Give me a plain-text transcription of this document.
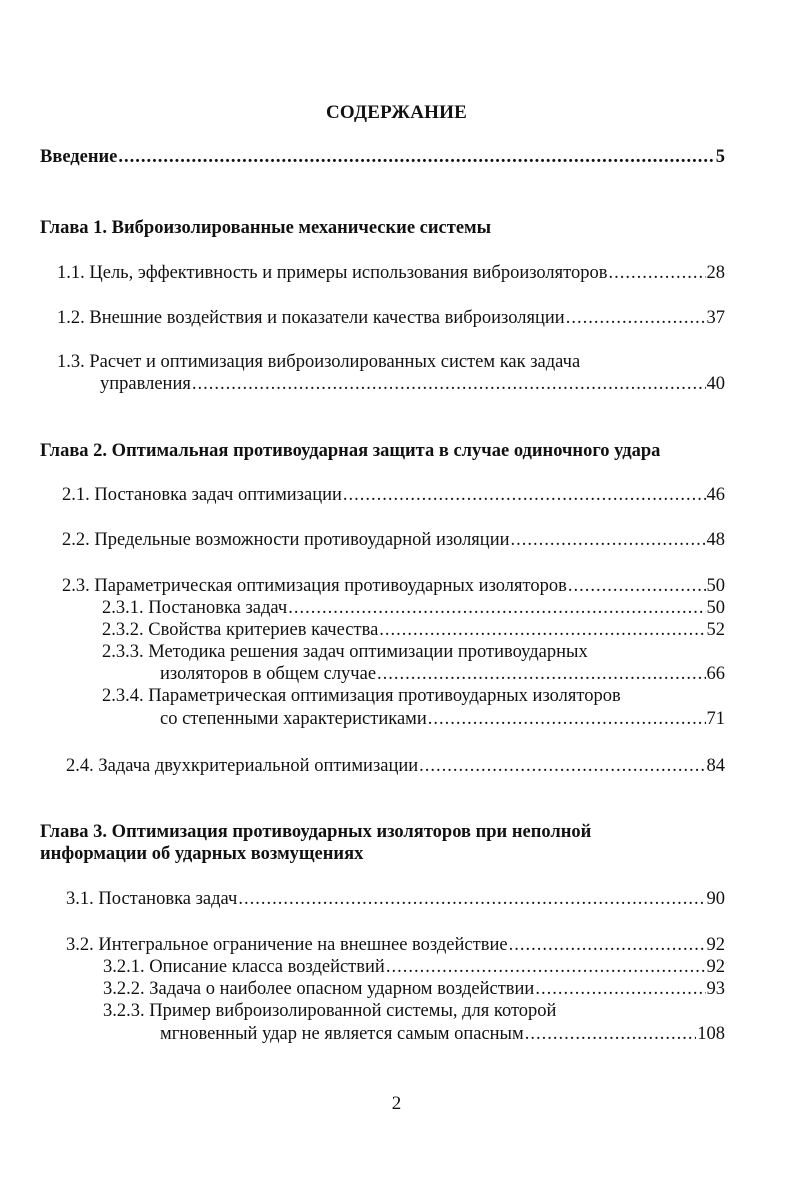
СОДЕРЖАНИЕ
Введение .....	5
Глава 1. Виброизолированные механические системы
1.1. Цель, эффективность и примеры использования виброизоляторов .....	28
1.2. Внешние воздействия и показатели качества виброизоляции .....	37
1.3. Расчет и оптимизация виброизолированных систем как задача
управления .....	40
Глава 2. Оптимальная противоударная защита в случае одиночного удара
2.1. Постановка задач оптимизации .....	46
2.2. Предельные возможности противоударной изоляции .....	48
2.3. Параметрическая оптимизация противоударных изоляторов .....	50
2.3.1. Постановка задач .....	50
2.3.2. Свойства критериев качества .....	52
2.3.3. Методика решения задач оптимизации противоударных
изоляторов в общем случае .....	66
2.3.4. Параметрическая оптимизация противоударных изоляторов
со степенными характеристиками .....	71
2.4. Задача двухкритериальной оптимизации .....	84
Глава 3. Оптимизация противоударных изоляторов при неполной
информации об ударных возмущениях
3.1. Постановка задач .....	90
3.2. Интегральное ограничение на внешнее воздействие .....	92
3.2.1. Описание класса воздействий .....	92
3.2.2. Задача о наиболее опасном ударном воздействии .....	93
3.2.3. Пример виброизолированной системы, для которой
мгновенный удар не является самым опасным .....	108
2
